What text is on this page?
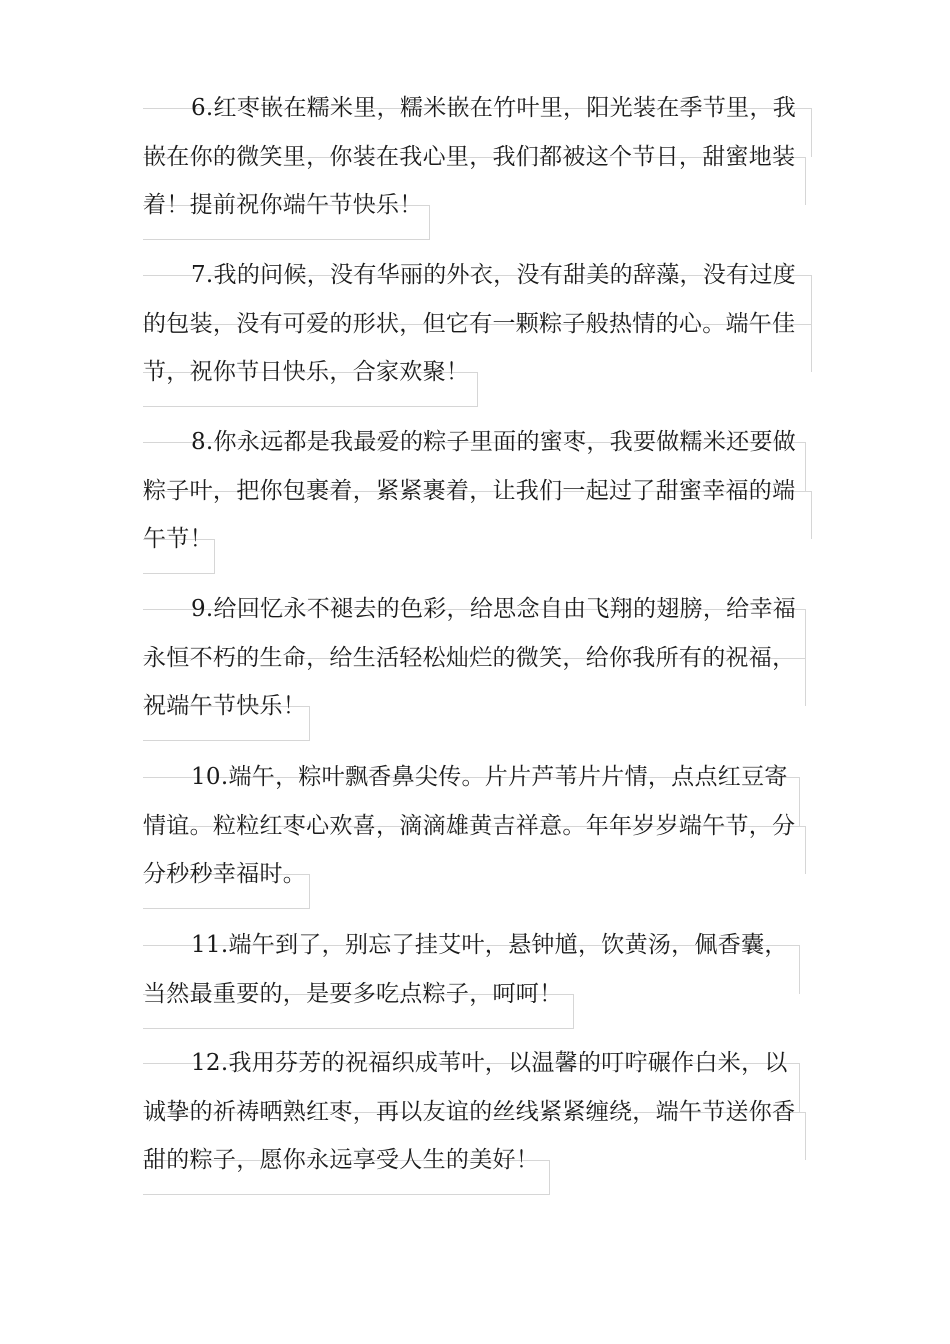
6.红枣嵌在糯米里，糯米嵌在竹叶里，阳光装在季节里，我
嵌在你的微笑里，你装在我心里，我们都被这个节日，甜蜜地装
着！提前祝你端午节快乐！
7.我的问候，没有华丽的外衣，没有甜美的辞藻，没有过度
的包装，没有可爱的形状，但它有一颗粽子般热情的心。端午佳
节，祝你节日快乐，合家欢聚！
8.你永远都是我最爱的粽子里面的蜜枣，我要做糯米还要做
粽子叶，把你包裹着，紧紧裹着，让我们一起过了甜蜜幸福的端
午节！
9.给回忆永不褪去的色彩，给思念自由飞翔的翅膀，给幸福
永恒不朽的生命，给生活轻松灿烂的微笑，给你我所有的祝福，
祝端午节快乐！
10.端午，粽叶飘香鼻尖传。片片芦苇片片情，点点红豆寄
情谊。粒粒红枣心欢喜，滴滴雄黄吉祥意。年年岁岁端午节，分
分秒秒幸福时。
11.端午到了，别忘了挂艾叶，悬钟馗，饮黄汤，佩香囊，
当然最重要的，是要多吃点粽子，呵呵！
12.我用芬芳的祝福织成苇叶，以温馨的叮咛碾作白米，以
诚挚的祈祷晒熟红枣，再以友谊的丝线紧紧缠绕，端午节送你香
甜的粽子，愿你永远享受人生的美好！
